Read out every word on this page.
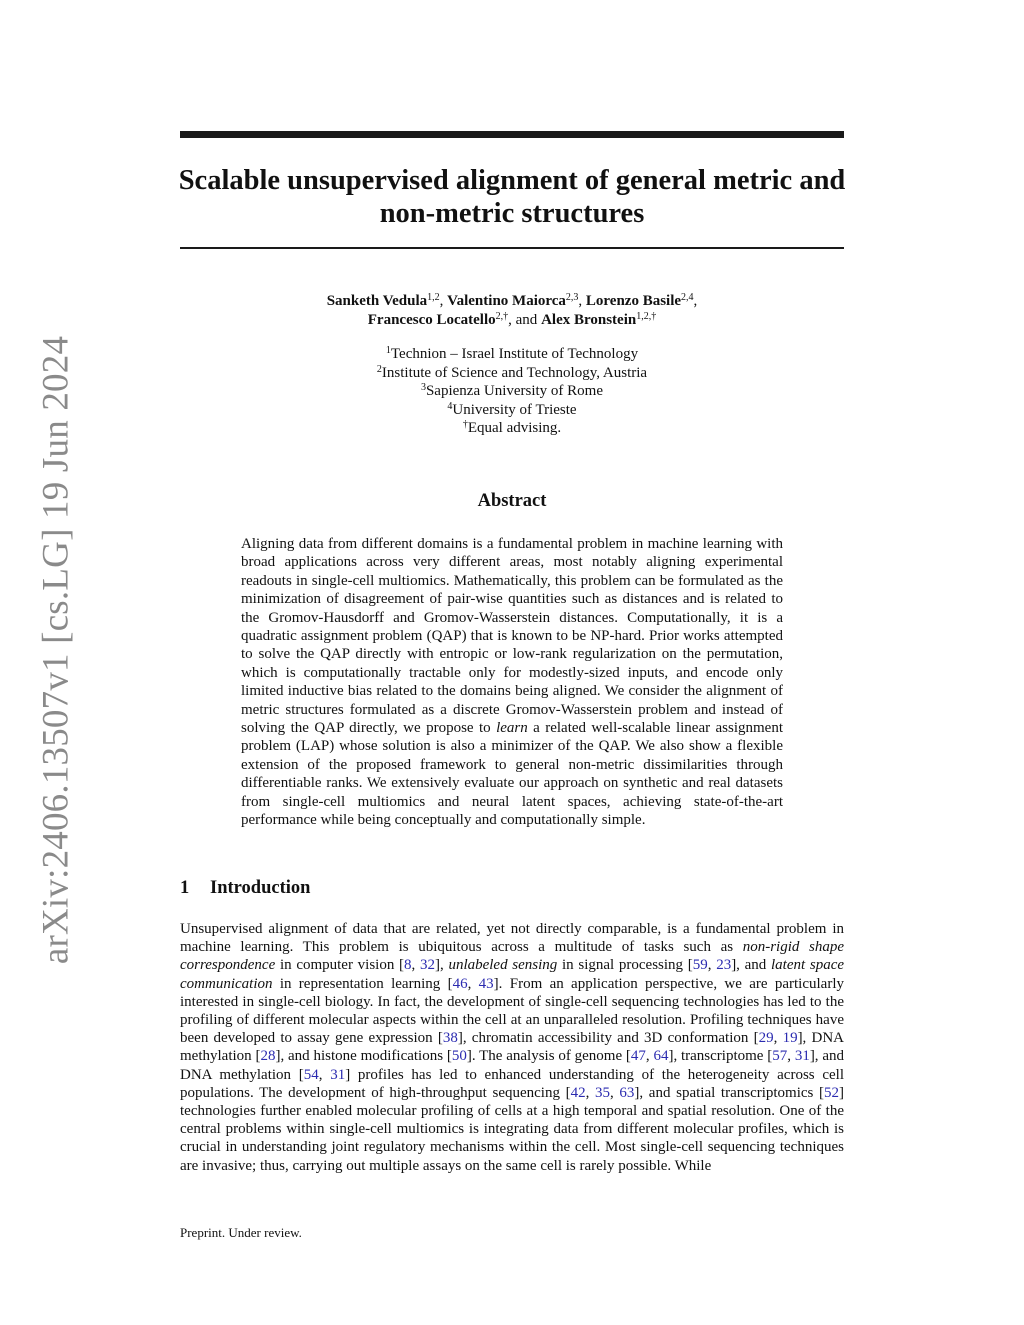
arXiv:2406.13507v1 [cs.LG] 19 Jun 2024
Scalable unsupervised alignment of general metric and
non-metric structures
Sanketh Vedula$^{1,2}$, Valentino Maiorca$^{2,3}$, Lorenzo Basile$^{2,4}$,
Francesco Locatello$^{2,\dagger}$, and Alex Bronstein$^{1,2,\dagger}$
$^1$Technion – Israel Institute of Technology
$^2$Institute of Science and Technology, Austria
$^3$Sapienza University of Rome
$^4$University of Trieste
†Equal advising.
Abstract

Aligning data from different domains is a fundamental problem in machine learning with broad applications across very different areas, most notably aligning experimental readouts in single-cell multiomics. Mathematically, this problem can be formulated as the minimization of disagreement of pair-wise quantities such as distances and is related to the Gromov-Hausdorff and Gromov-Wasserstein distances. Computationally, it is a quadratic assignment problem (QAP) that is known to be NP-hard. Prior works attempted to solve the QAP directly with entropic or low-rank regularization on the permutation, which is computationally tractable only for modestly-sized inputs, and encode only limited inductive bias related to the domains being aligned. We consider the alignment of metric structures formulated as a discrete Gromov-Wasserstein problem and instead of solving the QAP directly, we propose to learn a related well-scalable linear assignment problem (LAP) whose solution is also a minimizer of the QAP. We also show a flexible extension of the proposed framework to general non-metric dissimilarities through differentiable ranks. We extensively evaluate our approach on synthetic and real datasets from single-cell multiomics and neural latent spaces, achieving state-of-the-art performance while being conceptually and computationally simple.

1 Introduction

Unsupervised alignment of data that are related, yet not directly comparable, is a fundamental problem in machine learning. This problem is ubiquitous across a multitude of tasks such as non-rigid shape correspondence in computer vision [8, 32], unlabeled sensing in signal processing [59, 23], and latent space communication in representation learning [46, 43]. From an application perspective, we are particularly interested in single-cell biology. In fact, the development of single-cell sequencing technologies has led to the profiling of different molecular aspects within the cell at an unparalleled resolution. Profiling techniques have been developed to assay gene expression [38], chromatin accessibility and 3D conformation [29, 19], DNA methylation [28], and histone modifications [50]. The analysis of genome [47, 64], transcriptome [57, 31], and DNA methylation [54, 31] profiles has led to enhanced understanding of the heterogeneity across cell populations. The development of high-throughput sequencing [42, 35, 63], and spatial transcriptomics [52] technologies further enabled molecular profiling of cells at a high temporal and spatial resolution. One of the central problems within single-cell multiomics is integrating data from different molecular profiles, which is crucial in understanding joint regulatory mechanisms within the cell. Most single-cell sequencing techniques are invasive; thus, carrying out multiple assays on the same cell is rarely possible. While

Preprint. Under review.
